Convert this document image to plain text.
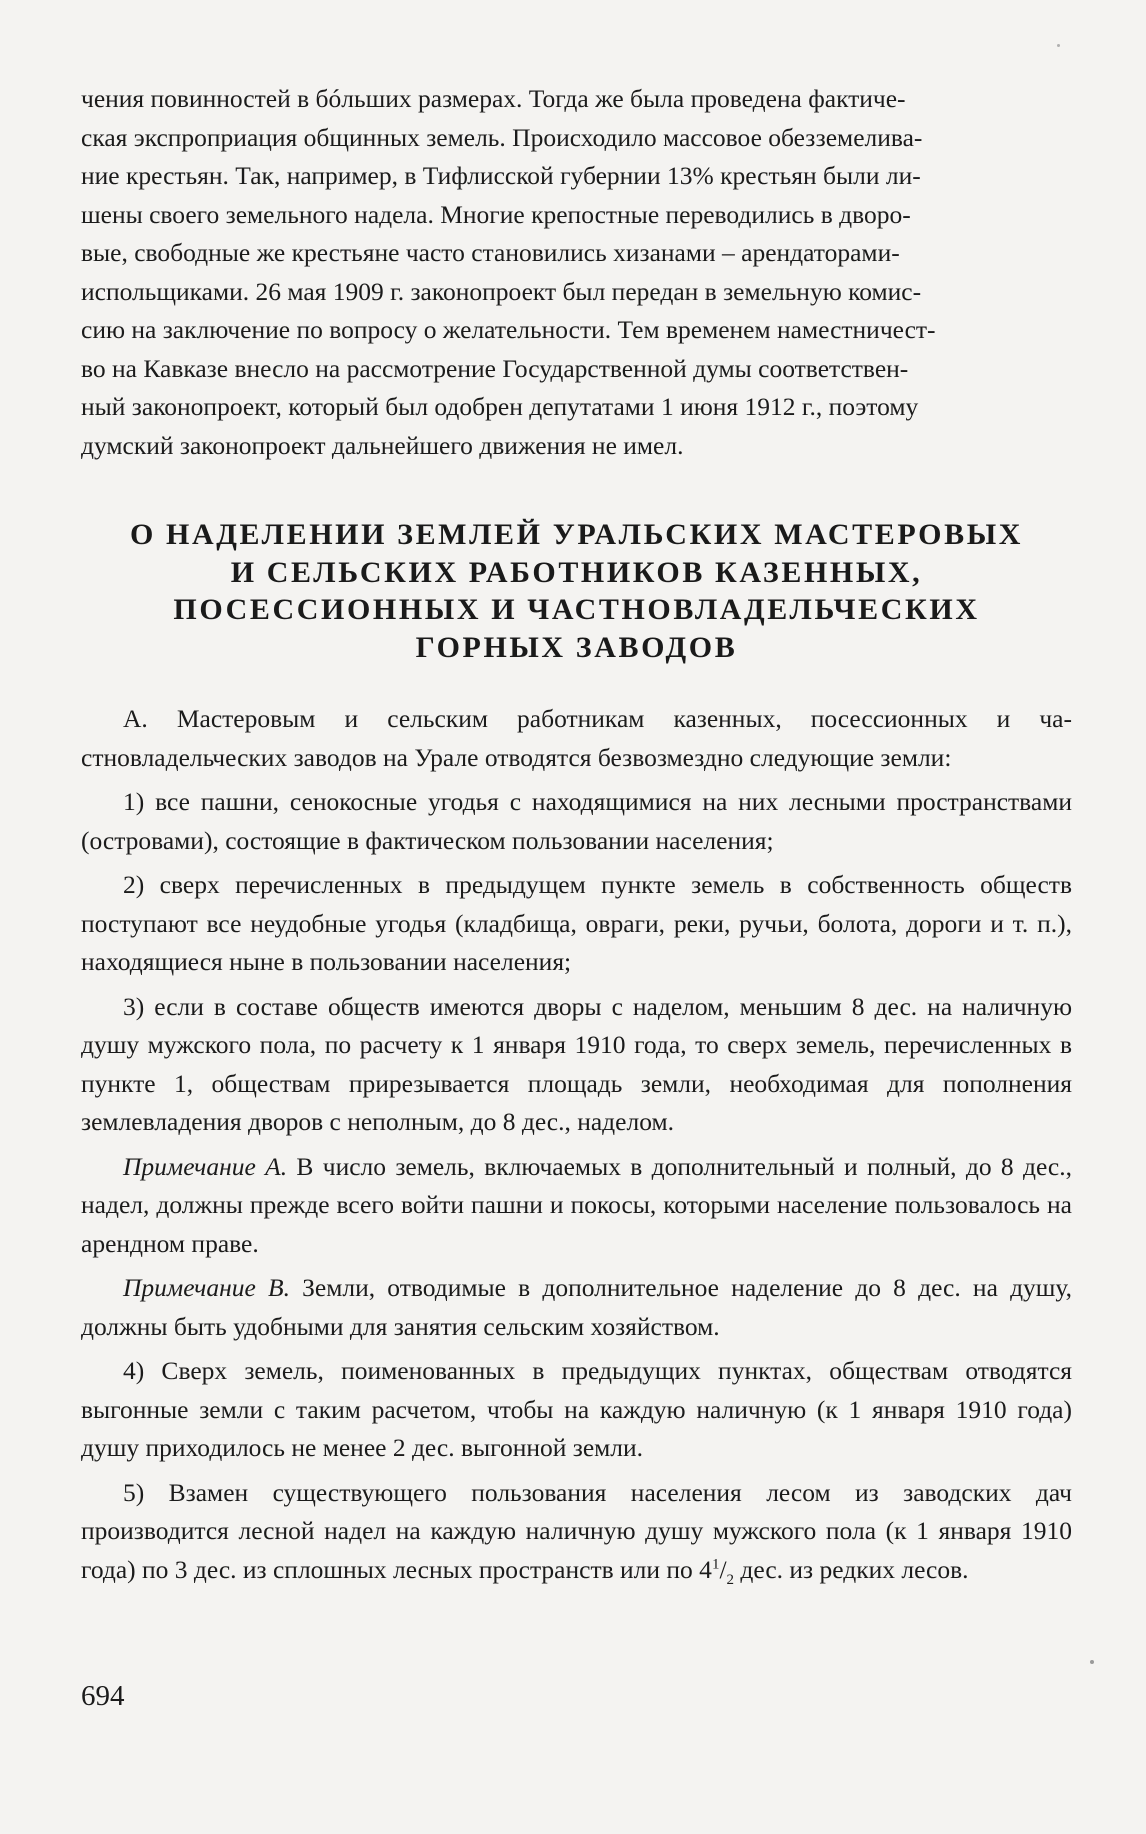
чения повинностей в бóльших размерах. Тогда же была проведена фактиче-

ская экспроприация общинных земель. Происходило массовое обезземелива-

ние крестьян. Так, например, в Тифлисской губернии 13% крестьян были ли-

шены своего земельного надела. Многие крепостные переводились в дворо-

вые, свободные же крестьяне часто становились хизанами – арендаторами-

испольщиками. 26 мая 1909 г. законопроект был передан в земельную комис-

сию на заключение по вопросу о желательности. Тем временем наместничест-

во на Кавказе внесло на рассмотрение Государственной думы соответствен-

ный законопроект, который был одобрен депутатами 1 июня 1912 г., поэтому

думский законопроект дальнейшего движения не имел.

О НАДЕЛЕНИИ ЗЕМЛЕЙ УРАЛЬСКИХ МАСТЕРОВЫХ
И СЕЛЬСКИХ РАБОТНИКОВ КАЗЕННЫХ,
ПОСЕССИОННЫХ И ЧАСТНОВЛАДЕЛЬЧЕСКИХ
ГОРНЫХ ЗАВОДОВ

А. Мастеровым и сельским работникам казенных, посессионных и частновладельческих заводов на Урале отводятся безвозмездно следующие земли:

1) все пашни, сенокосные угодья с находящимися на них лесными пространствами (островами), состоящие в фактическом пользовании населения;

2) сверх перечисленных в предыдущем пункте земель в собственность обществ поступают все неудобные угодья (кладбища, овраги, реки, ручьи, болота, дороги и т. п.), находящиеся ныне в пользовании населения;

3) если в составе обществ имеются дворы с наделом, меньшим 8 дес. на наличную душу мужского пола, по расчету к 1 января 1910 года, то сверх земель, перечисленных в пункте 1, обществам прирезывается площадь земли, необходимая для пополнения землевладения дворов с неполным, до 8 дес., наделом.

Примечание А. В число земель, включаемых в дополнительный и полный, до 8 дес., надел, должны прежде всего войти пашни и покосы, которыми население пользовалось на арендном праве.

Примечание В. Земли, отводимые в дополнительное наделение до 8 дес. на душу, должны быть удобными для занятия сельским хозяйством.

4) Сверх земель, поименованных в предыдущих пунктах, обществам отводятся выгонные земли с таким расчетом, чтобы на каждую наличную (к 1 января 1910 года) душу приходилось не менее 2 дес. выгонной земли.

5) Взамен существующего пользования населения лесом из заводских дач производится лесной надел на каждую наличную душу мужского пола (к 1 января 1910 года) по 3 дес. из сплошных лесных пространств или по $4^1/_2$ дес. из редких лесов.

694
